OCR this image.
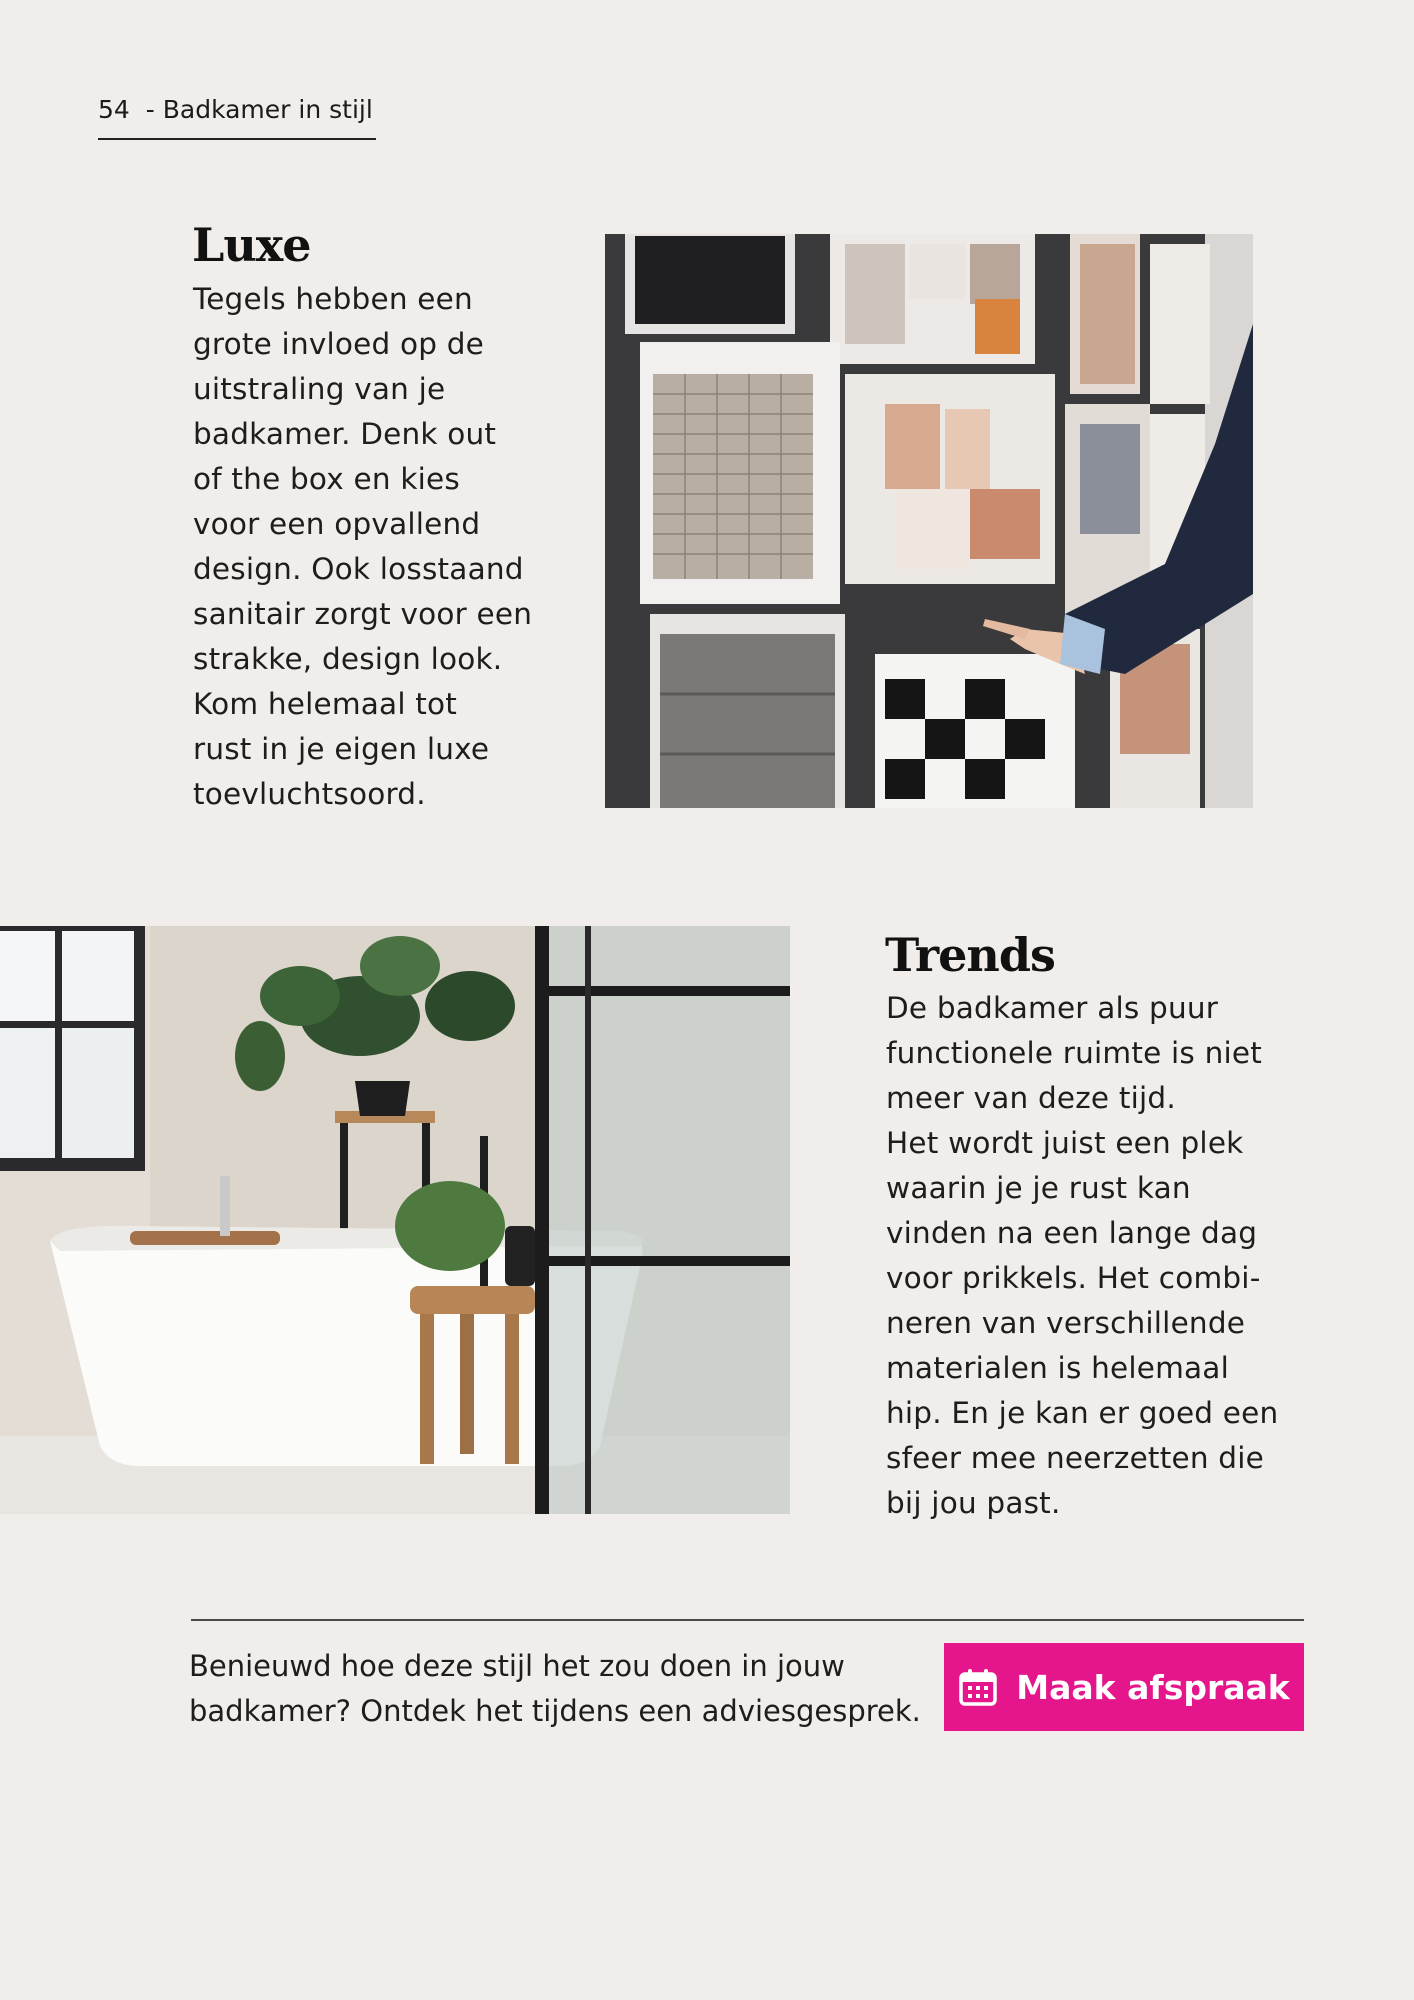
54 - Badkamer in stijl
Luxe
Tegels hebben een
grote invloed op de
uitstraling van je
badkamer. Denk out
of the box en kies
voor een opvallend
design. Ook losstaand
sanitair zorgt voor een
strakke, design look.
Kom helemaal tot
rust in je eigen luxe
toevluchtsoord.
Trends
De badkamer als puur
functionele ruimte is niet
meer van deze tijd.
Het wordt juist een plek
waarin je je rust kan
vinden na een lange dag
voor prikkels. Het combi-
neren van verschillende
materialen is helemaal
hip. En je kan er goed een
sfeer mee neerzetten die
bij jou past.
Benieuwd hoe deze stijl het zou doen in jouw
badkamer? Ontdek het tijdens een adviesgesprek.
Maak afspraak
